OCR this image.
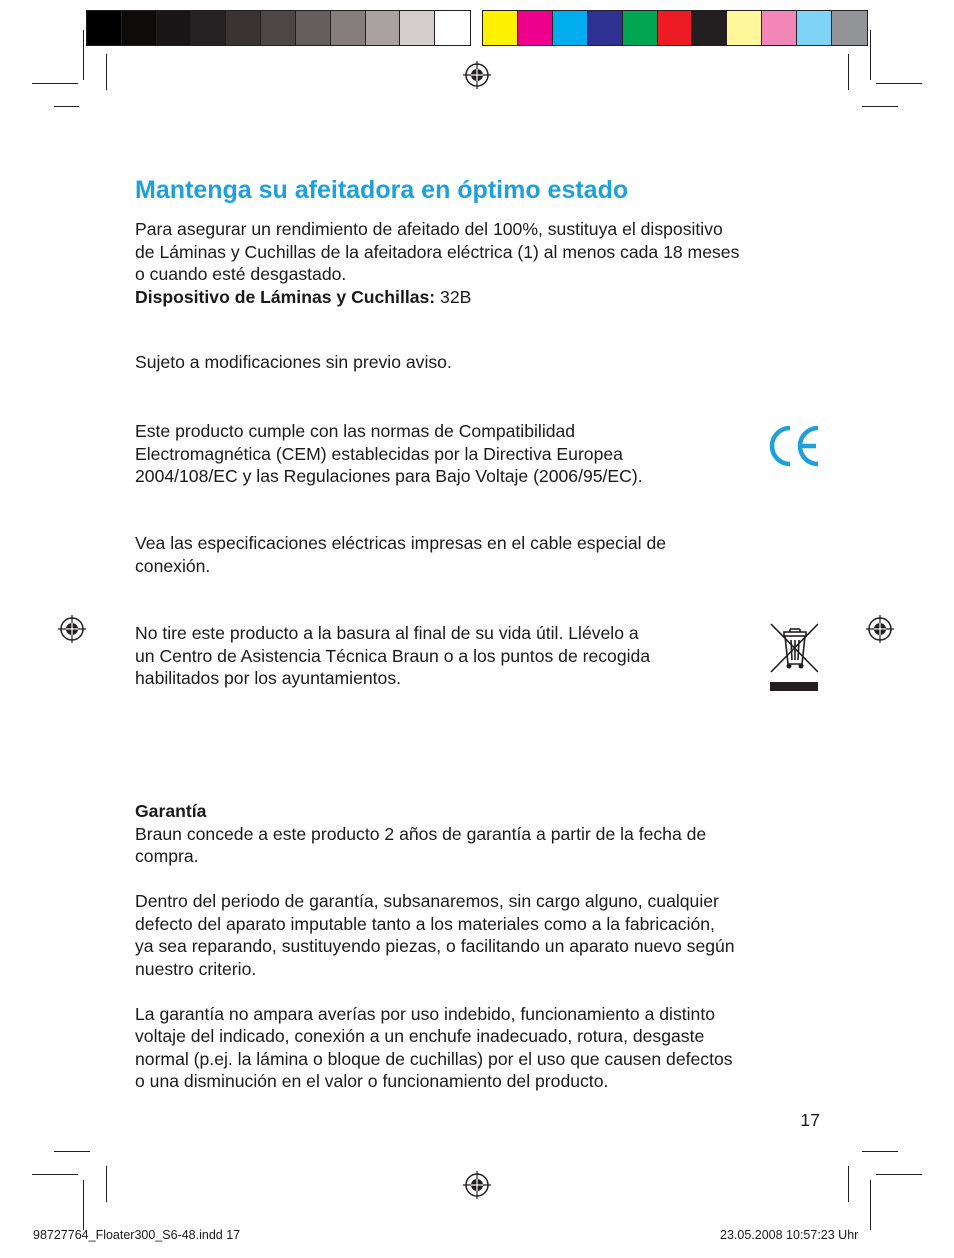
Mantenga su afeitadora en óptimo estado

Para asegurar un rendimiento de afeitado del 100%, sustituya el dispositivo

de Láminas y Cuchillas de la afeitadora eléctrica (1) al menos cada 18 meses

o cuando esté desgastado.

Dispositivo de Láminas y Cuchillas: 32B

Sujeto a modificaciones sin previo aviso.

Este producto cumple con las normas de Compatibilidad

Electromagnética (CEM) establecidas por la Directiva Europea

2004/108/EC y las Regulaciones para Bajo Voltaje (2006/95/EC).

Vea las especificaciones eléctricas impresas en el cable especial de

conexión.

No tire este producto a la basura al final de su vida útil. Llévelo a

un Centro de Asistencia Técnica Braun o a los puntos de recogida

habilitados por los ayuntamientos.

Garantía

Braun concede a este producto 2 años de garantía a partir de la fecha de

compra.

Dentro del periodo de garantía, subsanaremos, sin cargo alguno, cualquier

defecto del aparato imputable tanto a los materiales como a la fabricación,

ya sea reparando, sustituyendo piezas, o facilitando un aparato nuevo según

nuestro criterio.

La garantía no ampara averías por uso indebido, funcionamiento a distinto

voltaje del indicado, conexión a un enchufe inadecuado, rotura, desgaste

normal (p.ej. la lámina o bloque de cuchillas) por el uso que causen defectos

o una disminución en el valor o funcionamiento del producto.

17
98727764_Floater300_S6-48.indd 17	23.05.2008 10:57:23 Uhr
